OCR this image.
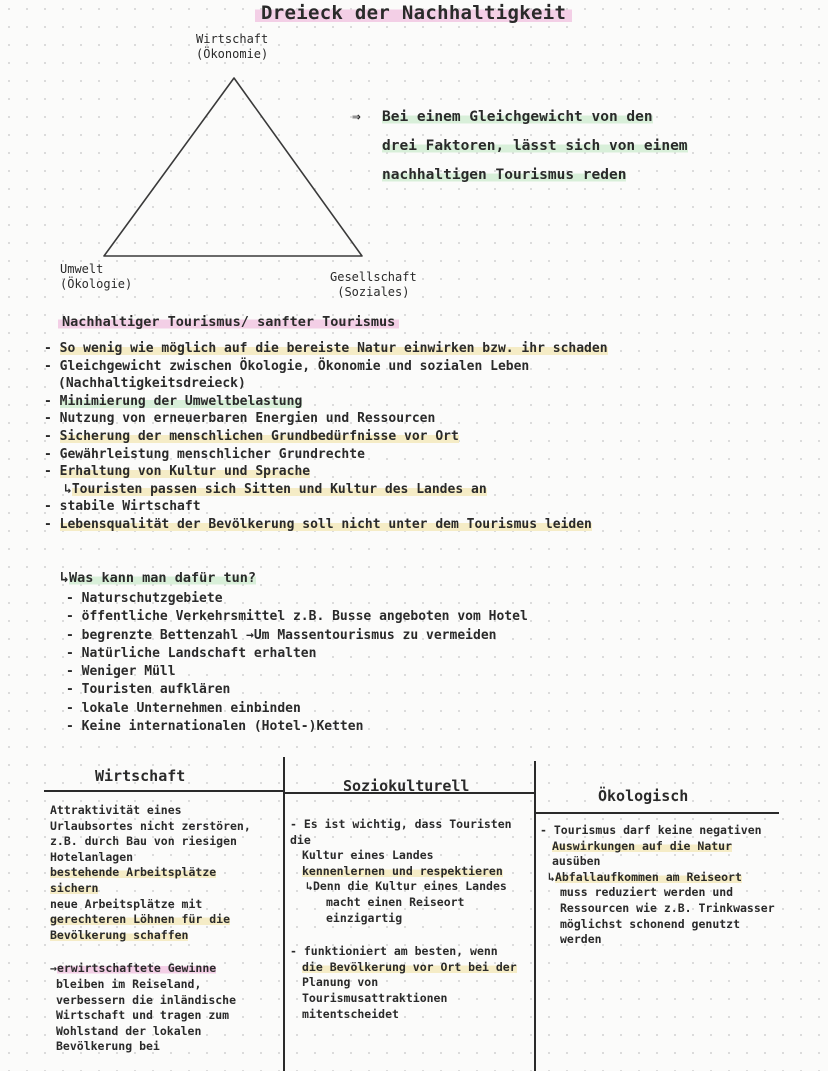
Dreieck der Nachhaltigkeit
Wirtschaft
(Ökonomie)
Umwelt
(Ökologie)	Gesellschaft
(Soziales)
⇒ Bei einem Gleichgewicht von den
drei Faktoren, lässt sich von einem
nachhaltigen Tourismus reden
Nachhaltiger Tourismus/ sanfter Tourismus
- So wenig wie möglich auf die bereiste Natur einwirken bzw. ihr schaden
- Gleichgewicht zwischen Ökologie, Ökonomie und sozialen Leben
(Nachhaltigkeitsdreieck)
- Minimierung der Umweltbelastung
- Nutzung von erneuerbaren Energien und Ressourcen
- Sicherung der menschlichen Grundbedürfnisse vor Ort
- Gewährleistung menschlicher Grundrechte
- Erhaltung von Kultur und Sprache
↳ Touristen passen sich Sitten und Kultur des Landes an
- stabile Wirtschaft
- Lebensqualität der Bevölkerung soll nicht unter dem Tourismus leiden
↳Was kann man dafür tun?
- Naturschutzgebiete
- öffentliche Verkehrsmittel z.B. Busse angeboten vom Hotel
- begrenzte Bettenzahl →Um Massentourismus zu vermeiden
- Natürliche Landschaft erhalten
- Weniger Müll
- Touristen aufklären
- lokale Unternehmen einbinden
- Keine internationalen (Hotel-)Ketten
Wirtschaft
Soziokulturell
Ökologisch

Attraktivität eines

Urlaubsortes nicht zerstören,

z.B. durch Bau von riesigen

Hotelanlagen

bestehende Arbeitsplätze

sichern

neue Arbeitsplätze mit

gerechteren Löhnen für die

Bevölkerung schaffen

→erwirtschaftete Gewinne

bleiben im Reiseland,

verbessern die inländische

Wirtschaft und tragen zum

Wohlstand der lokalen

Bevölkerung bei

- Es ist wichtig, dass Touristen die

Kultur eines Landes

kennenlernen und respektieren

↳Denn die Kultur eines Landes

macht einen Reiseort

einzigartig

- funktioniert am besten, wenn

die Bevölkerung vor Ort bei der

Planung von

Tourismusattraktionen

mitentscheidet

- Tourismus darf keine negativen

Auswirkungen auf die Natur

ausüben

↳Abfallaufkommen am Reiseort

muss reduziert werden und

Ressourcen wie z.B. Trinkwasser

möglichst schonend genutzt

werden
